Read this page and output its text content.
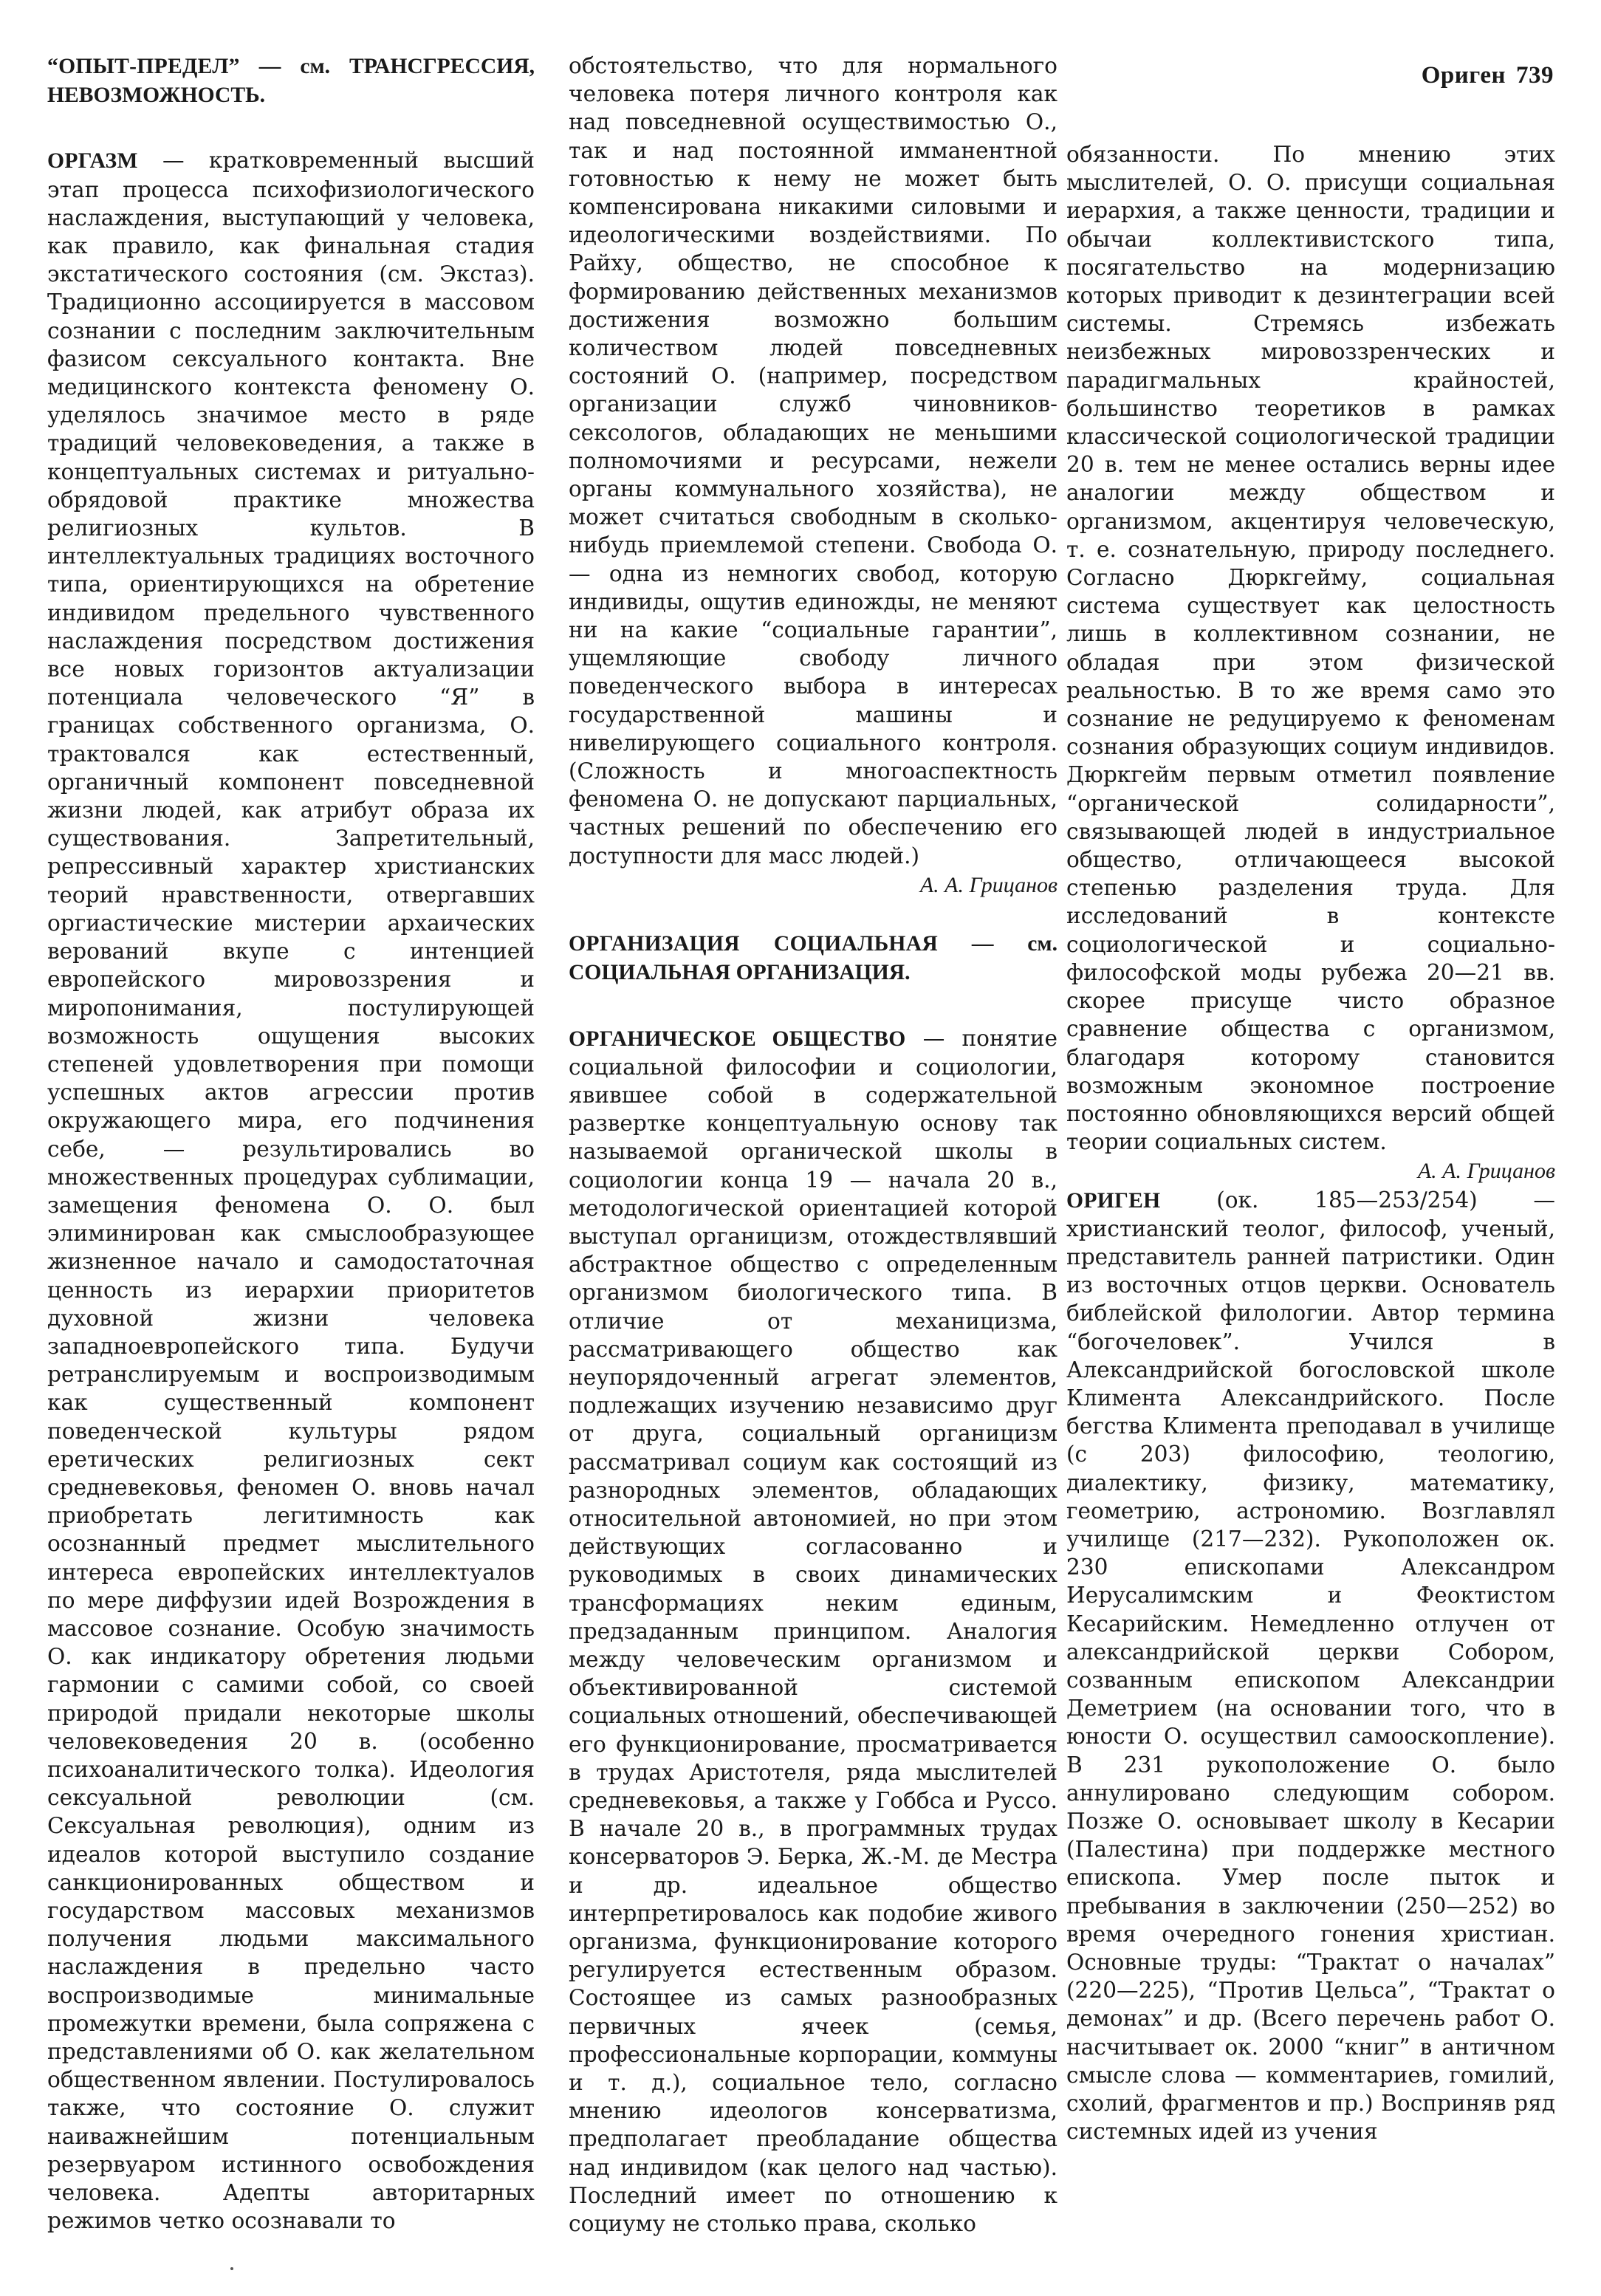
Ориген 739

“ОПЫТ-ПРЕДЕЛ” — см. ТРАНСГРЕССИЯ, НЕВОЗМОЖНОСТЬ.

ОРГАЗМ — кратковременный высший этап процесса психофизиологического наслаждения, выступающий у человека, как правило, как финальная стадия экстатического состояния (см. Экстаз). Традиционно ассоциируется в массовом сознании с последним заключительным фазисом сексуального контакта. Вне медицинского контекста феномену О. уделялось значимое место в ряде традиций человековедения, а также в концептуальных системах и ритуально-обрядовой практике множества религиозных культов. В интеллектуальных традициях восточного типа, ориентирующихся на обретение индивидом предельного чувственного наслаждения посредством достижения все новых горизонтов актуализации потенциала человеческого “Я” в границах собственного организма, О. трактовался как естественный, органичный компонент повседневной жизни людей, как атрибут образа их существования. Запретительный, репрессивный характер христианских теорий нравственности, отвергавших оргиастические мистерии архаических верований вкупе с интенцией европейского мировоззрения и миропонимания, постулирующей возможность ощущения высоких степеней удовлетворения при помощи успешных актов агрессии против окружающего мира, его подчинения себе, — результировались во множественных процедурах сублимации, замещения феномена О. О. был элиминирован как смыслообразующее жизненное начало и самодостаточная ценность из иерархии приоритетов духовной жизни человека западноевропейского типа. Будучи ретранслируемым и воспроизводимым как существенный компонент поведенческой культуры рядом еретических религиозных сект средневековья, феномен О. вновь начал приобретать легитимность как осознанный предмет мыслительного интереса европейских интеллектуалов по мере диффузии идей Возрождения в массовое сознание. Особую значимость О. как индикатору обретения людьми гармонии с самими собой, со своей природой придали некоторые школы человековедения 20 в. (особенно психоаналитического толка). Идеология сексуальной революции (см. Сексуальная революция), одним из идеалов которой выступило создание санкционированных обществом и государством массовых механизмов получения людьми максимального наслаждения в предельно часто воспроизводимые минимальные промежутки времени, была сопряжена с представлениями об О. как желательном общественном явлении. Постулировалось также, что состояние О. служит наиважнейшим потенциальным резервуаром истинного освобождения человека. Адепты авторитарных режимов четко осознавали то

обстоятельство, что для нормального человека потеря личного контроля как над повседневной осуществимостью О., так и над постоянной имманентной готовностью к нему не может быть компенсирована никакими силовыми и идеологическими воздействиями. По Райху, общество, не способное к формированию действенных механизмов достижения возможно большим количеством людей повседневных состояний О. (например, посредством организации служб чиновников-сексологов, обладающих не меньшими полномочиями и ресурсами, нежели органы коммунального хозяйства), не может считаться свободным в сколько-нибудь приемлемой степени. Свобода О. — одна из немногих свобод, которую индивиды, ощутив единожды, не меняют ни на какие “социальные гарантии”, ущемляющие свободу личного поведенческого выбора в интересах государственной машины и нивелирующего социального контроля. (Сложность и многоаспектность феномена О. не допускают парциальных, частных решений по обеспечению его доступности для масс людей.)
А. А. Грицанов

ОРГАНИЗАЦИЯ СОЦИАЛЬНАЯ — см. СОЦИАЛЬНАЯ ОРГАНИЗАЦИЯ.

ОРГАНИЧЕСКОЕ ОБЩЕСТВО — понятие социальной философии и социологии, явившее собой в содержательной развертке концептуальную основу так называемой органической школы в социологии конца 19 — начала 20 в., методологической ориентацией которой выступал органицизм, отождествлявший абстрактное общество с определенным организмом биологического типа. В отличие от механицизма, рассматривающего общество как неупорядоченный агрегат элементов, подлежащих изучению независимо друг от друга, социальный органицизм рассматривал социум как состоящий из разнородных элементов, обладающих относительной автономией, но при этом действующих согласованно и руководимых в своих динамических трансформациях неким единым, предзаданным принципом. Аналогия между человеческим организмом и объективированной системой социальных отношений, обеспечивающей его функционирование, просматривается в трудах Аристотеля, ряда мыслителей средневековья, а также у Гоббса и Руссо. В начале 20 в., в программных трудах консерваторов Э. Берка, Ж.-М. де Местра и др. идеальное общество интерпретировалось как подобие живого организма, функционирование которого регулируется естественным образом. Состоящее из самых разнообразных первичных ячеек (семья, профессиональные корпорации, коммуны и т. д.), социальное тело, согласно мнению идеологов консерватизма, предполагает преобладание общества над индивидом (как целого над частью). Последний имеет по отношению к социуму не столько права, сколько

обязанности. По мнению этих мыслителей, О. О. присущи социальная иерархия, а также ценности, традиции и обычаи коллективистского типа, посягательство на модернизацию которых приводит к дезинтеграции всей системы. Стремясь избежать неизбежных мировоззренческих и парадигмальных крайностей, большинство теоретиков в рамках классической социологической традиции 20 в. тем не менее остались верны идее аналогии между обществом и организмом, акцентируя человеческую, т. е. сознательную, природу последнего. Согласно Дюркгейму, социальная система существует как целостность лишь в коллективном сознании, не обладая при этом физической реальностью. В то же время само это сознание не редуцируемо к феноменам сознания образующих социум индивидов. Дюркгейм первым отметил появление “органической солидарности”, связывающей людей в индустриальное общество, отличающееся высокой степенью разделения труда. Для исследований в контексте социологической и социально-философской моды рубежа 20—21 вв. скорее присуще чисто образное сравнение общества с организмом, благодаря которому становится возможным экономное построение постоянно обновляющихся версий общей теории социальных систем.
А. А. Грицанов

ОРИГЕН (ок. 185—253/254) — христианский теолог, философ, ученый, представитель ранней патристики. Один из восточных отцов церкви. Основатель библейской филологии. Автор термина “богочеловек”. Учился в Александрийской богословской школе Климента Александрийского. После бегства Климента преподавал в училище (с 203) философию, теологию, диалектику, физику, математику, геометрию, астрономию. Возглавлял училище (217—232). Рукоположен ок. 230 епископами Александром Иерусалимским и Феоктистом Кесарийским. Немедленно отлучен от александрийской церкви Собором, созванным епископом Александрии Деметрием (на основании того, что в юности О. осуществил самооскопление). В 231 рукоположение О. было аннулировано следующим собором. Позже О. основывает школу в Кесарии (Палестина) при поддержке местного епископа. Умер после пыток и пребывания в заключении (250—252) во время очередного гонения христиан. Основные труды: “Трактат о началах” (220—225), “Против Цельса”, “Трактат о демонах” и др. (Всего перечень работ О. насчитывает ок. 2000 “книг” в античном смысле слова — комментариев, гомилий, схолий, фрагментов и пр.) Восприняв ряд системных идей из учения
